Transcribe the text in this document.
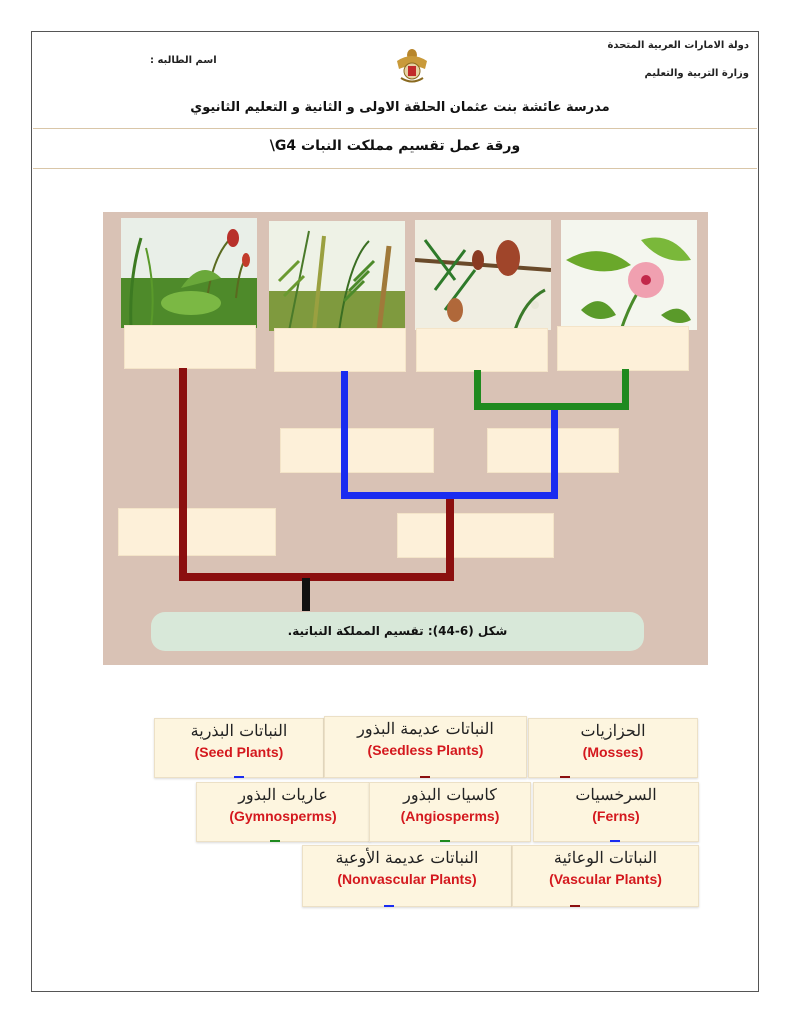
دولة الامارات العربية المتحدة
وزارة التربية والتعليم
اسم الطالبه :
مدرسة عائشة بنت عثمان الحلقة الاولى و الثانية و التعليم الثانيوي
ورقة عمل تقسيم مملكت النبات G4\
شكل (6-44): تقسيم المملكة النباتية.
النباتات البذرية
(Seed Plants)
النباتات عديمة البذور
(Seedless Plants)
الحزازيات
(Mosses)
عاريات البذور
(Gymnosperms)
كاسيات البذور
(Angiosperms)
السرخسيات
(Ferns)
النباتات عديمة الأوعية
(Nonvascular Plants)
النباتات الوعائية
(Vascular Plants)
